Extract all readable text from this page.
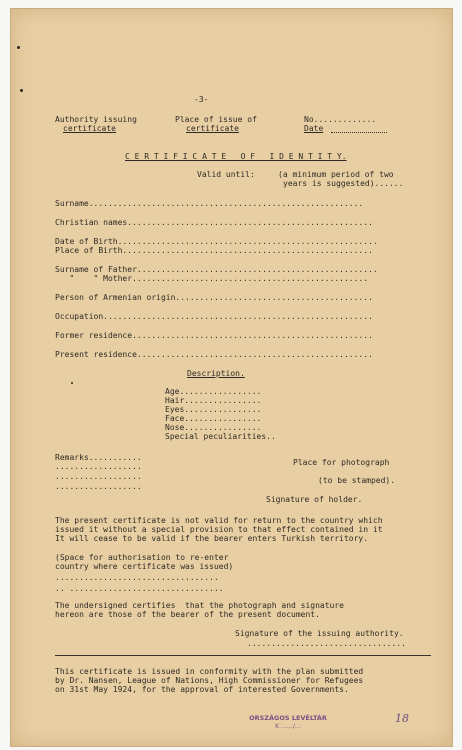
-3-
Authority issuing
certificate
Place of issue of
certificate
No.............
Date
C E R T I F I C A T E   O F   I D E N T I T Y.
Valid until:	(a minimum period of two
years is suggested)......
Surname.........................................................
Christian names...................................................
Date of Birth......................................................
Place of Birth....................................................
Surname of Father..................................................
"    " Mother.................................................
Person of Armenian origin.........................................
Occupation........................................................
Former residence..................................................
Present residence.................................................
Description.
Age.................
Hair................
Eyes................
Face................
Nose................
Special peculiarities..
Remarks...........
..................
..................
..................
Place for photograph
(to be stamped).
Signature of holder.
The present certificate is not valid for return to the country which
issued it without a special provision to that effect contained in it
It will cease to be valid if the bearer enters Turkish territory.
(Space for authorisation to re-enter
country where certificate was issued)
..................................
.. ................................
The undersigned certifies  that the photograph and signature
hereon are those of the bearer of the present document.
Signature of the issuing authority.
.................................
This certificate is issued in conformity with the plan submitted
by Dr. Nansen, League of Nations, High Commissioner for Refugees
on 31st May 1924, for the approval of interested Governments.
ORSZÁGOS LEVÉLTÁR
K ……/…
18
